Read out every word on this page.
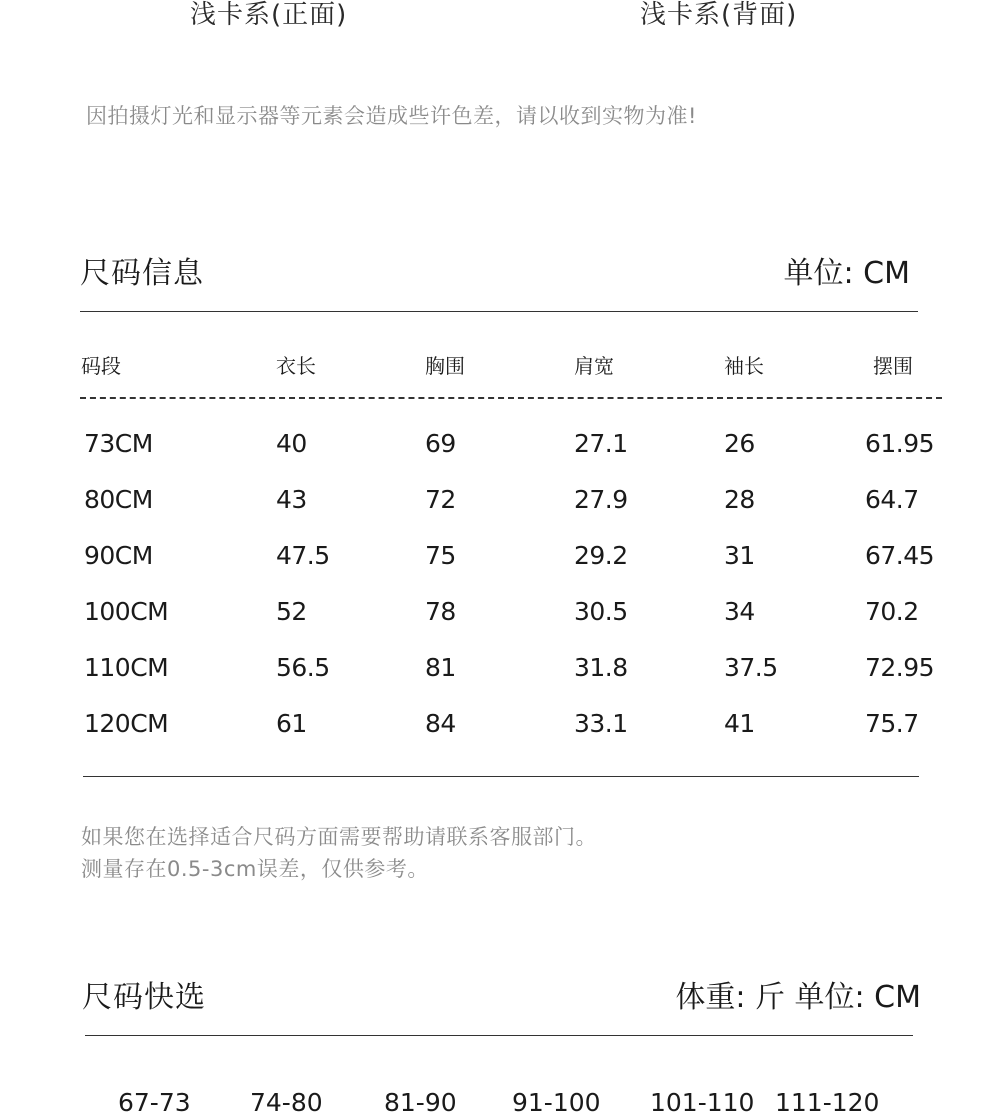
浅卡系(正面)	浅卡系(背面)
因拍摄灯光和显示器等元素会造成些许色差，请以收到实物为准!
尺码信息	单位: CM
码段	衣长	胸围	肩宽	袖长	摆围
73CM	40	69	27.1	26	61.95
80CM	43	72	27.9	28	64.7
90CM	47.5	75	29.2	31	67.45
100CM	52	78	30.5	34	70.2
110CM	56.5	81	31.8	37.5	72.95
120CM	61	84	33.1	41	75.7
如果您在选择适合尺码方面需要帮助请联系客服部门。
测量存在0.5-3cm误差，仅供参考。
尺码快选	体重: 斤 单位: CM
67-73 74-80 81-90 91-100 101-110 111-120
